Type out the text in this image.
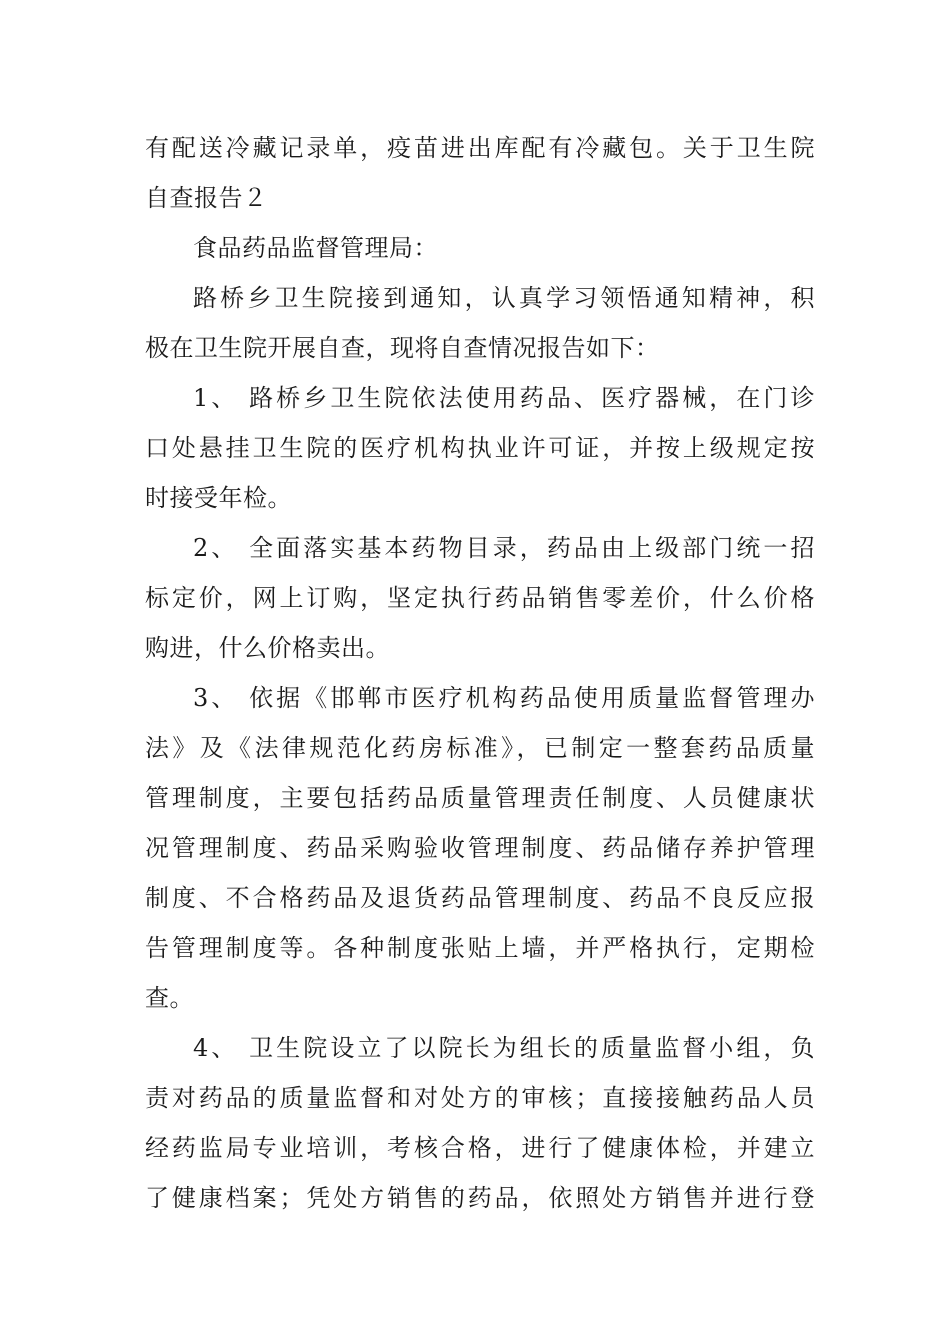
有配送冷藏记录单，疫苗进出库配有冷藏包。关于卫生院
自查报告２
食品药品监督管理局：
路桥乡卫生院接到通知，认真学习领悟通知精神，积
极在卫生院开展自查，现将自查情况报告如下：
1、 路桥乡卫生院依法使用药品、医疗器械，在门诊
口处悬挂卫生院的医疗机构执业许可证，并按上级规定按
时接受年检。
2、 全面落实基本药物目录，药品由上级部门统一招
标定价，网上订购，坚定执行药品销售零差价，什么价格
购进，什么价格卖出。
3、 依据《邯郸市医疗机构药品使用质量监督管理办
法》及《法律规范化药房标准》，已制定一整套药品质量
管理制度，主要包括药品质量管理责任制度、人员健康状
况管理制度、药品采购验收管理制度、药品储存养护管理
制度、不合格药品及退货药品管理制度、药品不良反应报
告管理制度等。各种制度张贴上墙，并严格执行，定期检
查。
4、 卫生院设立了以院长为组长的质量监督小组，负
责对药品的质量监督和对处方的审核；直接接触药品人员
经药监局专业培训，考核合格，进行了健康体检，并建立
了健康档案；凭处方销售的药品，依照处方销售并进行登
